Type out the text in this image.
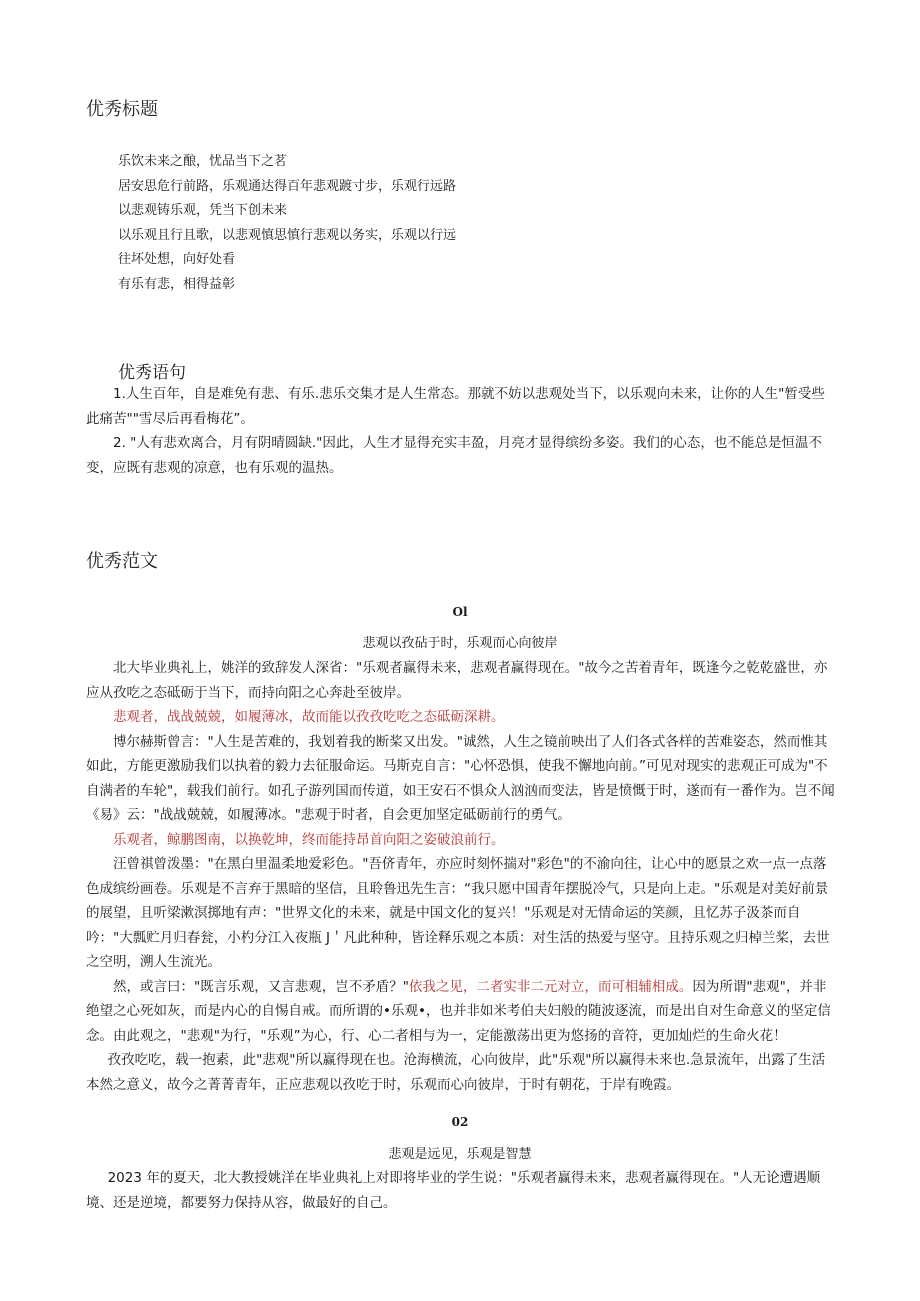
优秀标题
乐饮未来之酿，忧品当下之茗
居安思危行前路，乐观通达得百年悲观踱寸步，乐观行远路
以悲观铸乐观，凭当下创未来
以乐观且行且歌，以悲观慎思慎行悲观以务实，乐观以行远
往坏处想，向好处看
有乐有悲，相得益彰
优秀语句
1.人生百年，自是难免有悲、有乐.悲乐交集才是人生常态。那就不妨以悲观处当下，以乐观向未来，让你的人生"暂受些此痛苦""雪尽后再看梅花”。
2. "人有悲欢离合，月有阴晴圆缺."因此，人生才显得充实丰盈，月亮才显得缤纷多姿。我们的心态，也不能总是恒温不变，应既有悲观的凉意，也有乐观的温热。
优秀范文
Ol
悲观以孜砧于时，乐观而心向彼岸
北大毕业典礼上，姚洋的致辞发人深省："乐观者赢得未来，悲观者赢得现在。"故今之苦着青年，既逢今之乾乾盛世，亦应从孜吃之态砥砺于当下，而持向阳之心奔赴至彼岸。
悲观者，战战兢兢，如履薄冰，故而能以孜孜吃吃之态砥砺深耕。
博尔赫斯曾言："人生是苦难的，我划着我的断桨又出发。"诚然，人生之镜前映出了人们各式各样的苦难姿态，然而惟其如此，方能更激励我们以执着的毅力去征服命运。马斯克自言："心怀恐惧，使我不懈地向前。”可见对现实的悲观正可成为"不自满者的车轮"，载我们前行。如孔子游列国而传道，如王安石不惧众人汹汹而变法，皆是愤慨于时，遂而有一番作为。岂不闻《易》云："战战兢兢，如履薄冰。"悲观于时者，自会更加坚定砥砺前行的勇气。
乐观者，鲸鹏图南，以换乾坤，终而能持昂首向阳之姿破浪前行。
汪曾祺曾泼墨："在黑白里温柔地爱彩色。"吾侪青年，亦应时刻怀揣对"彩色"的不渝向往，让心中的愿景之欢一点一点落色成缤纷画卷。乐观是不言弃于黑暗的坚信，且聆鲁迅先生言：“我只愿中国青年摆脱冷气，只是向上走。"乐观是对美好前景的展望，且听梁漱溟掷地有声："世界文化的未来，就是中国文化的复兴！"乐观是对无情命运的笑颜，且忆苏子汲茶而自吟："大瓢贮月归春瓮，小杓分江入夜瓶 J＇凡此种种，皆诠释乐观之本质：对生活的热爱与坚守。且持乐观之归棹兰桨，去世之空明，溯人生流光。
然，或言曰："既言乐观，又言悲观，岂不矛盾？"依我之见，二者实非二元对立，而可相辅相成。因为所谓"悲观"，并非绝望之心死如灰，而是内心的自惕自戒。而所谓的•乐观•，也并非如米考伯夫妇般的随波逐流，而是出自对生命意义的坚定信念。由此观之，"悲观"为行，"乐观”为心，行、心二者相与为一，定能激荡出更为悠扬的音符，更加灿烂的生命火花！
孜孜吃吃，载一抱素，此"悲观"所以赢得现在也。沧海横流，心向彼岸，此"乐观"所以赢得未来也.急景流年，出露了生活本然之意义，故今之菁菁青年，正应悲观以孜吃于时，乐观而心向彼岸，于时有朝花，于岸有晚霞。
02
悲观是远见，乐观是智慧
2023 年的夏天，北大教授姚洋在毕业典礼上对即将毕业的学生说："乐观者赢得未来，悲观者赢得现在。"人无论遭遇顺境、还是逆境，都要努力保持从容，做最好的自己。
